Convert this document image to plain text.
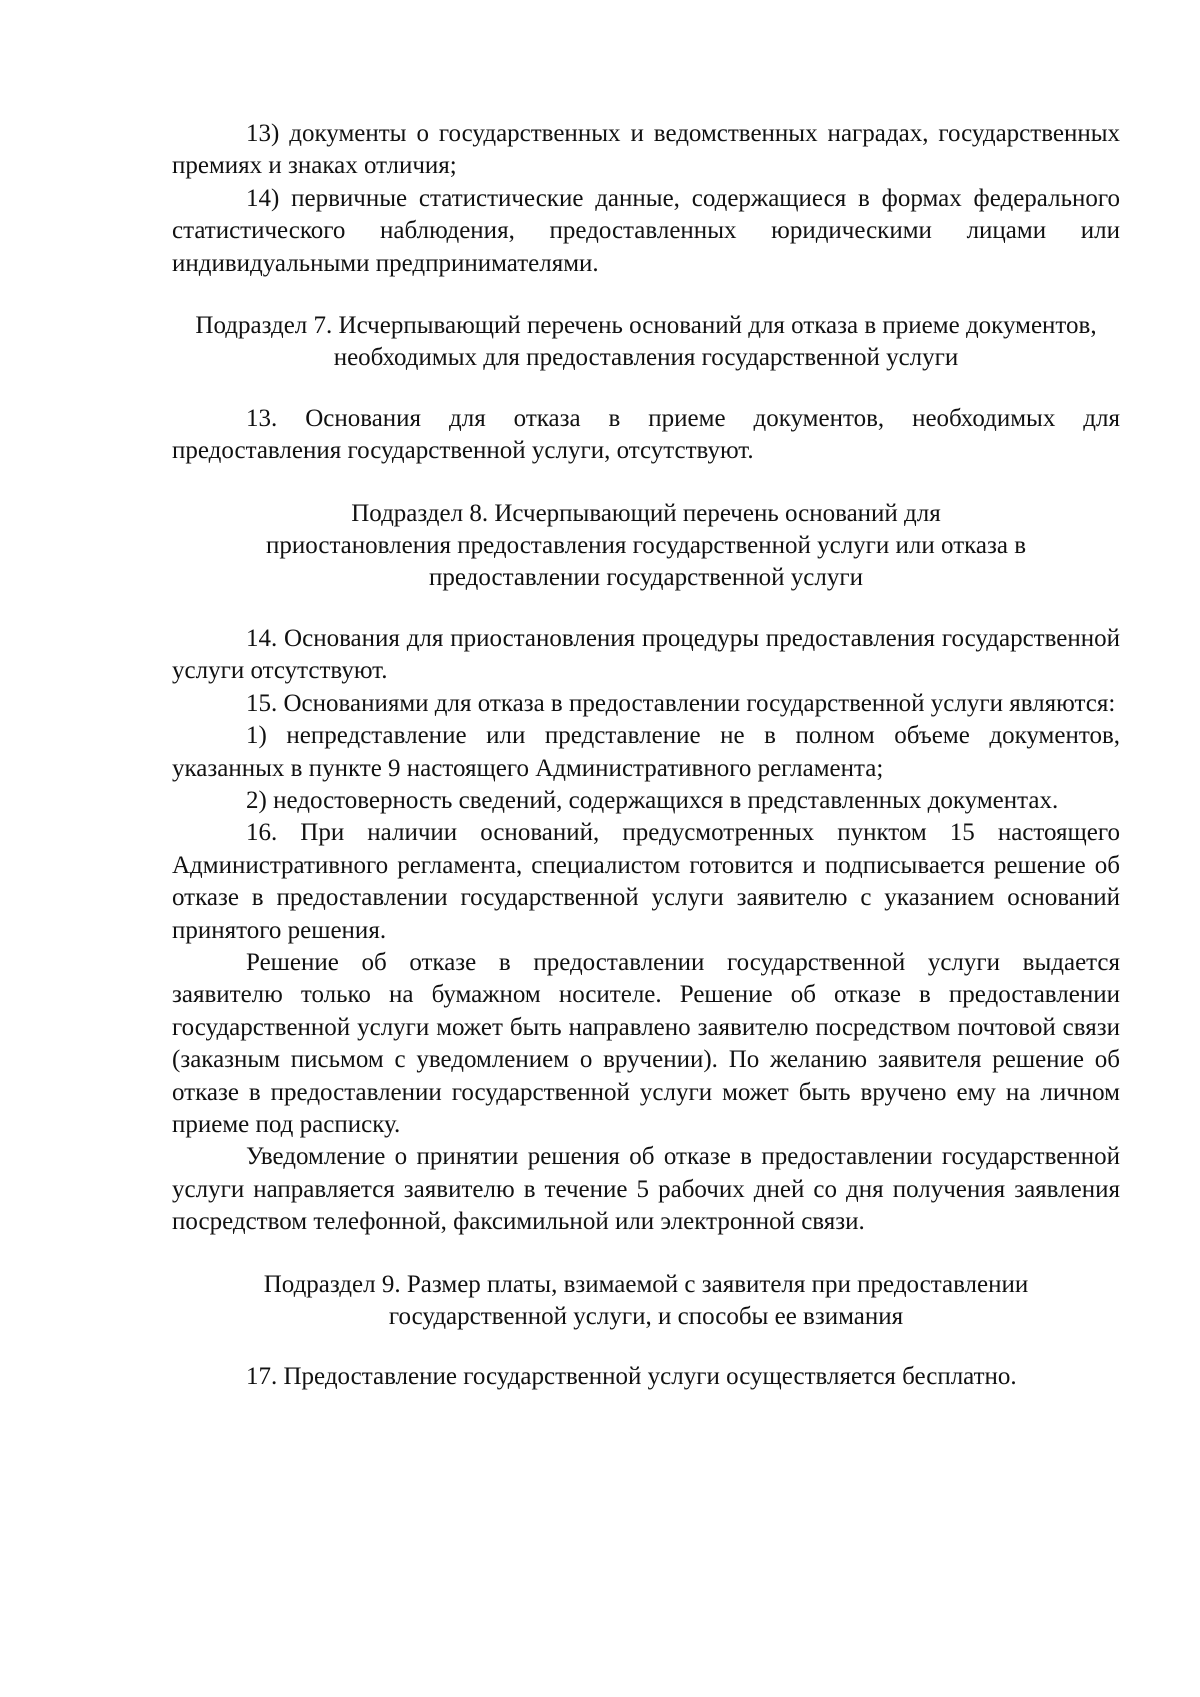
13) документы о государственных и ведомственных наградах, государственных премиях и знаках отличия;

14) первичные статистические данные, содержащиеся в формах федерального статистического наблюдения, предоставленных юридическими лицами или индивидуальными предпринимателями.

Подраздел 7. Исчерпывающий перечень оснований для отказа в приеме документов, необходимых для предоставления государственной услуги

13. Основания для отказа в приеме документов, необходимых для предоставления государственной услуги, отсутствуют.

Подраздел 8. Исчерпывающий перечень оснований для
приостановления предоставления государственной услуги или отказа в
предоставлении государственной услуги

14. Основания для приостановления процедуры предоставления государственной услуги отсутствуют.

15. Основаниями для отказа в предоставлении государственной услуги являются:

1) непредставление или представление не в полном объеме документов, указанных в пункте 9 настоящего Административного регламента;

2) недостоверность сведений, содержащихся в представленных документах.

16. При наличии оснований, предусмотренных пунктом 15 настоящего Административного регламента, специалистом готовится и подписывается решение об отказе в предоставлении государственной услуги заявителю с указанием оснований принятого решения.

Решение об отказе в предоставлении государственной услуги выдается заявителю только на бумажном носителе. Решение об отказе в предоставлении государственной услуги может быть направлено заявителю посредством почтовой связи (заказным письмом с уведомлением о вручении). По желанию заявителя решение об отказе в предоставлении государственной услуги может быть вручено ему на личном приеме под расписку.

Уведомление о принятии решения об отказе в предоставлении государственной услуги направляется заявителю в течение 5 рабочих дней со дня получения заявления посредством телефонной, факсимильной или электронной связи.

Подраздел 9. Размер платы, взимаемой с заявителя при предоставлении
государственной услуги, и способы ее взимания

17. Предоставление государственной услуги осуществляется бесплатно.
